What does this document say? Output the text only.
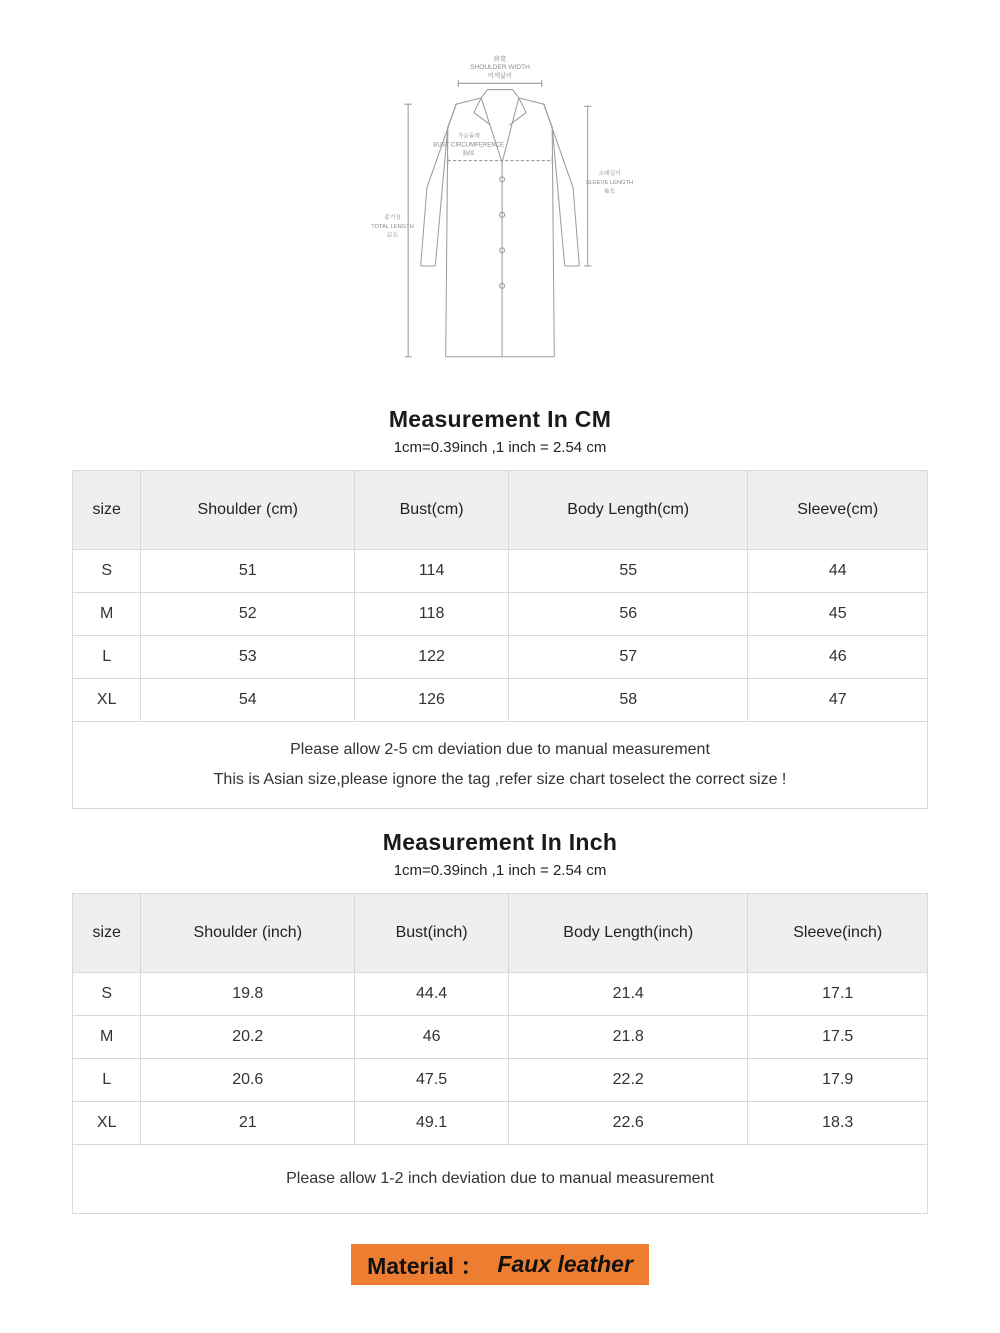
肩宽
SHOULDER WIDTH
어깨넓이
가슴둘레
BUST CIRCUMFERENCE
胸围
소매길이
SLEEVE LENGTH
袖长
총기장
TOTAL LENGTH
总长
Measurement In CM
1cm=0.39inch ,1 inch = 2.54 cm
size	Shoulder (cm)	Bust(cm)	Body Length(cm)	Sleeve(cm)
S	51	114	55	44
M	52	118	56	45
L	53	122	57	46
XL	54	126	58	47

Please allow 2-5 cm deviation due to manual measurement
This is Asian size,please ignore the tag ,refer size chart toselect the correct size !				
Measurement In Inch
1cm=0.39inch ,1 inch = 2.54 cm
size	Shoulder (inch)	Bust(inch)	Body Length(inch)	Sleeve(inch)
S	19.8	44.4	21.4	17.1
M	20.2	46	21.8	17.5
L	20.6	47.5	22.2	17.9
XL	21	49.1	22.6	18.3

Please allow 1-2 inch deviation due to manual measurement				
Material ： Faux leather
